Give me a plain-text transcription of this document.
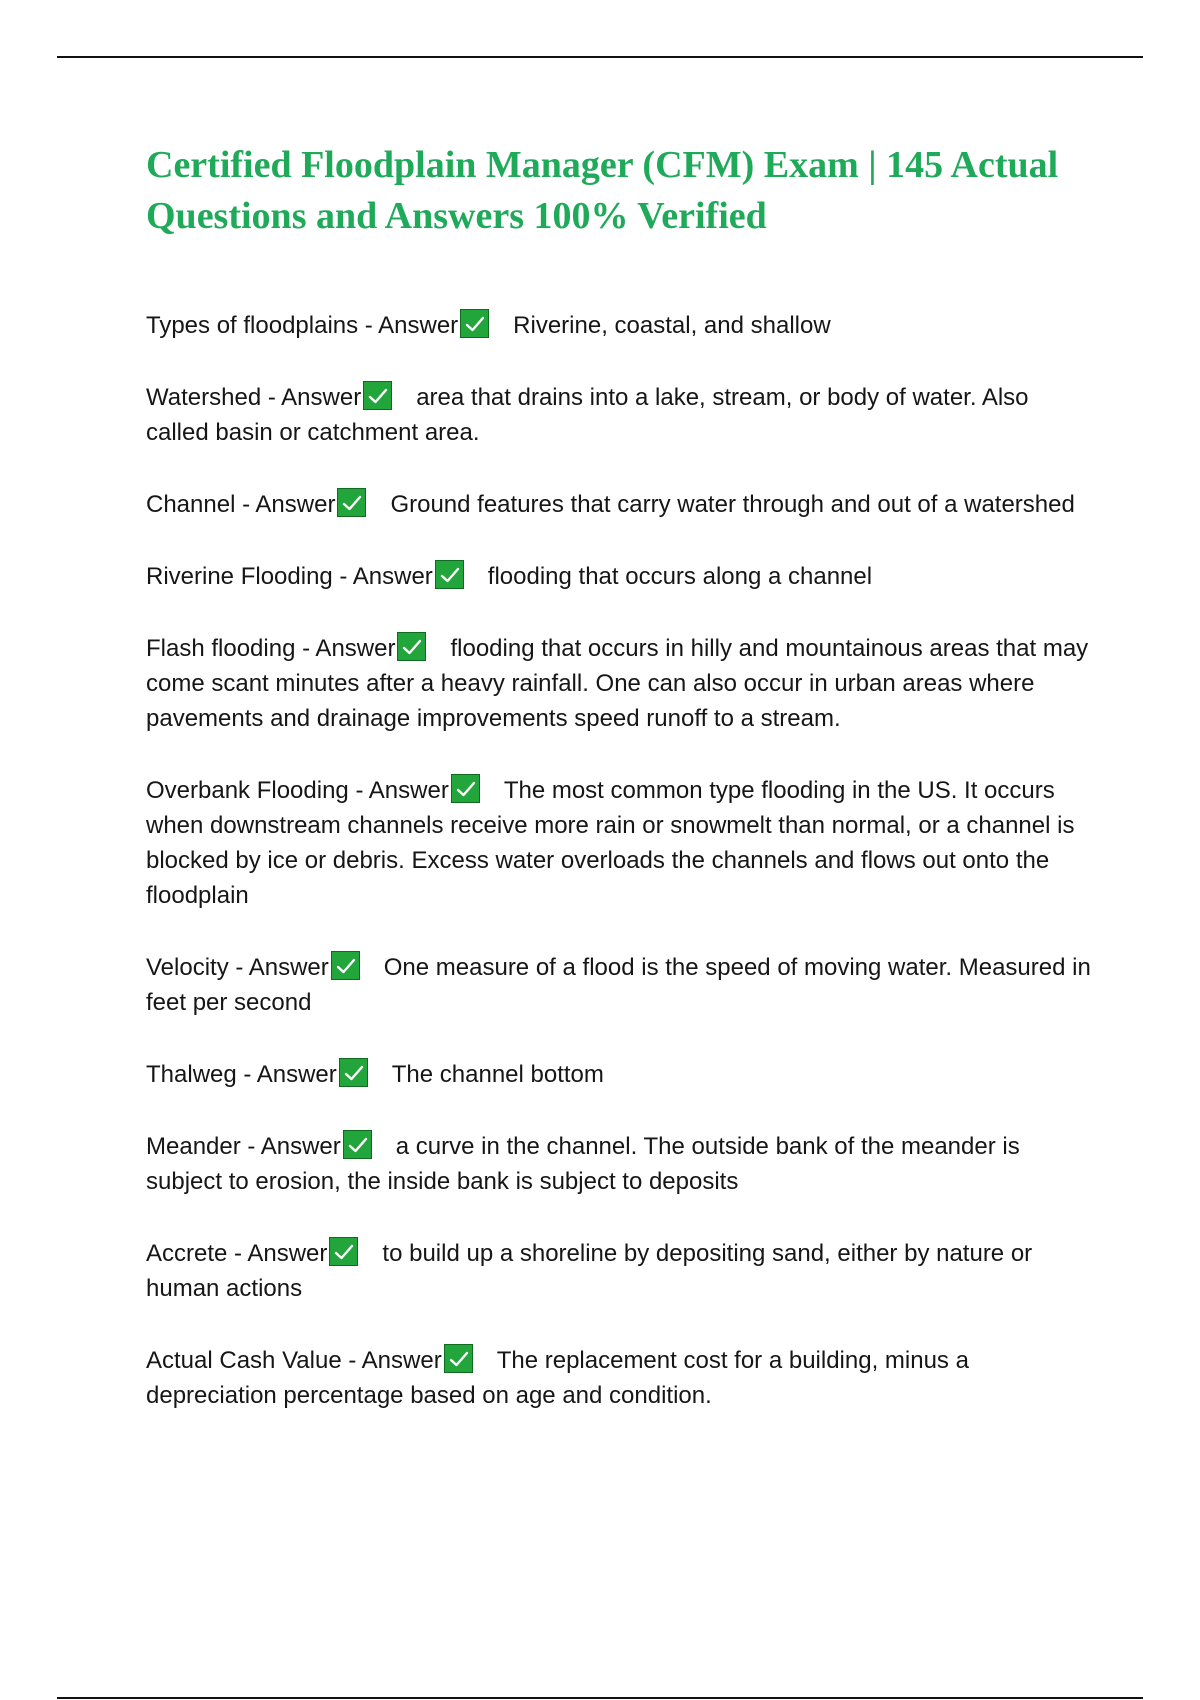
Certified Floodplain Manager (CFM) Exam | 145 Actual Questions and Answers 100% Verified

Types of floodplains - Answer Riverine, coastal, and shallow

Watershed - Answer area that drains into a lake, stream, or body of water. Also called basin or catchment area.

Channel - Answer Ground features that carry water through and out of a watershed

Riverine Flooding - Answer flooding that occurs along a channel

Flash flooding - Answer flooding that occurs in hilly and mountainous areas that may come scant minutes after a heavy rainfall. One can also occur in urban areas where pavements and drainage improvements speed runoff to a stream.

Overbank Flooding - Answer The most common type flooding in the US. It occurs when downstream channels receive more rain or snowmelt than normal, or a channel is blocked by ice or debris. Excess water overloads the channels and flows out onto the floodplain

Velocity - Answer One measure of a flood is the speed of moving water. Measured in feet per second

Thalweg - Answer The channel bottom

Meander - Answer a curve in the channel. The outside bank of the meander is subject to erosion, the inside bank is subject to deposits

Accrete - Answer to build up a shoreline by depositing sand, either by nature or human actions

Actual Cash Value - Answer The replacement cost for a building, minus a depreciation percentage based on age and condition.
